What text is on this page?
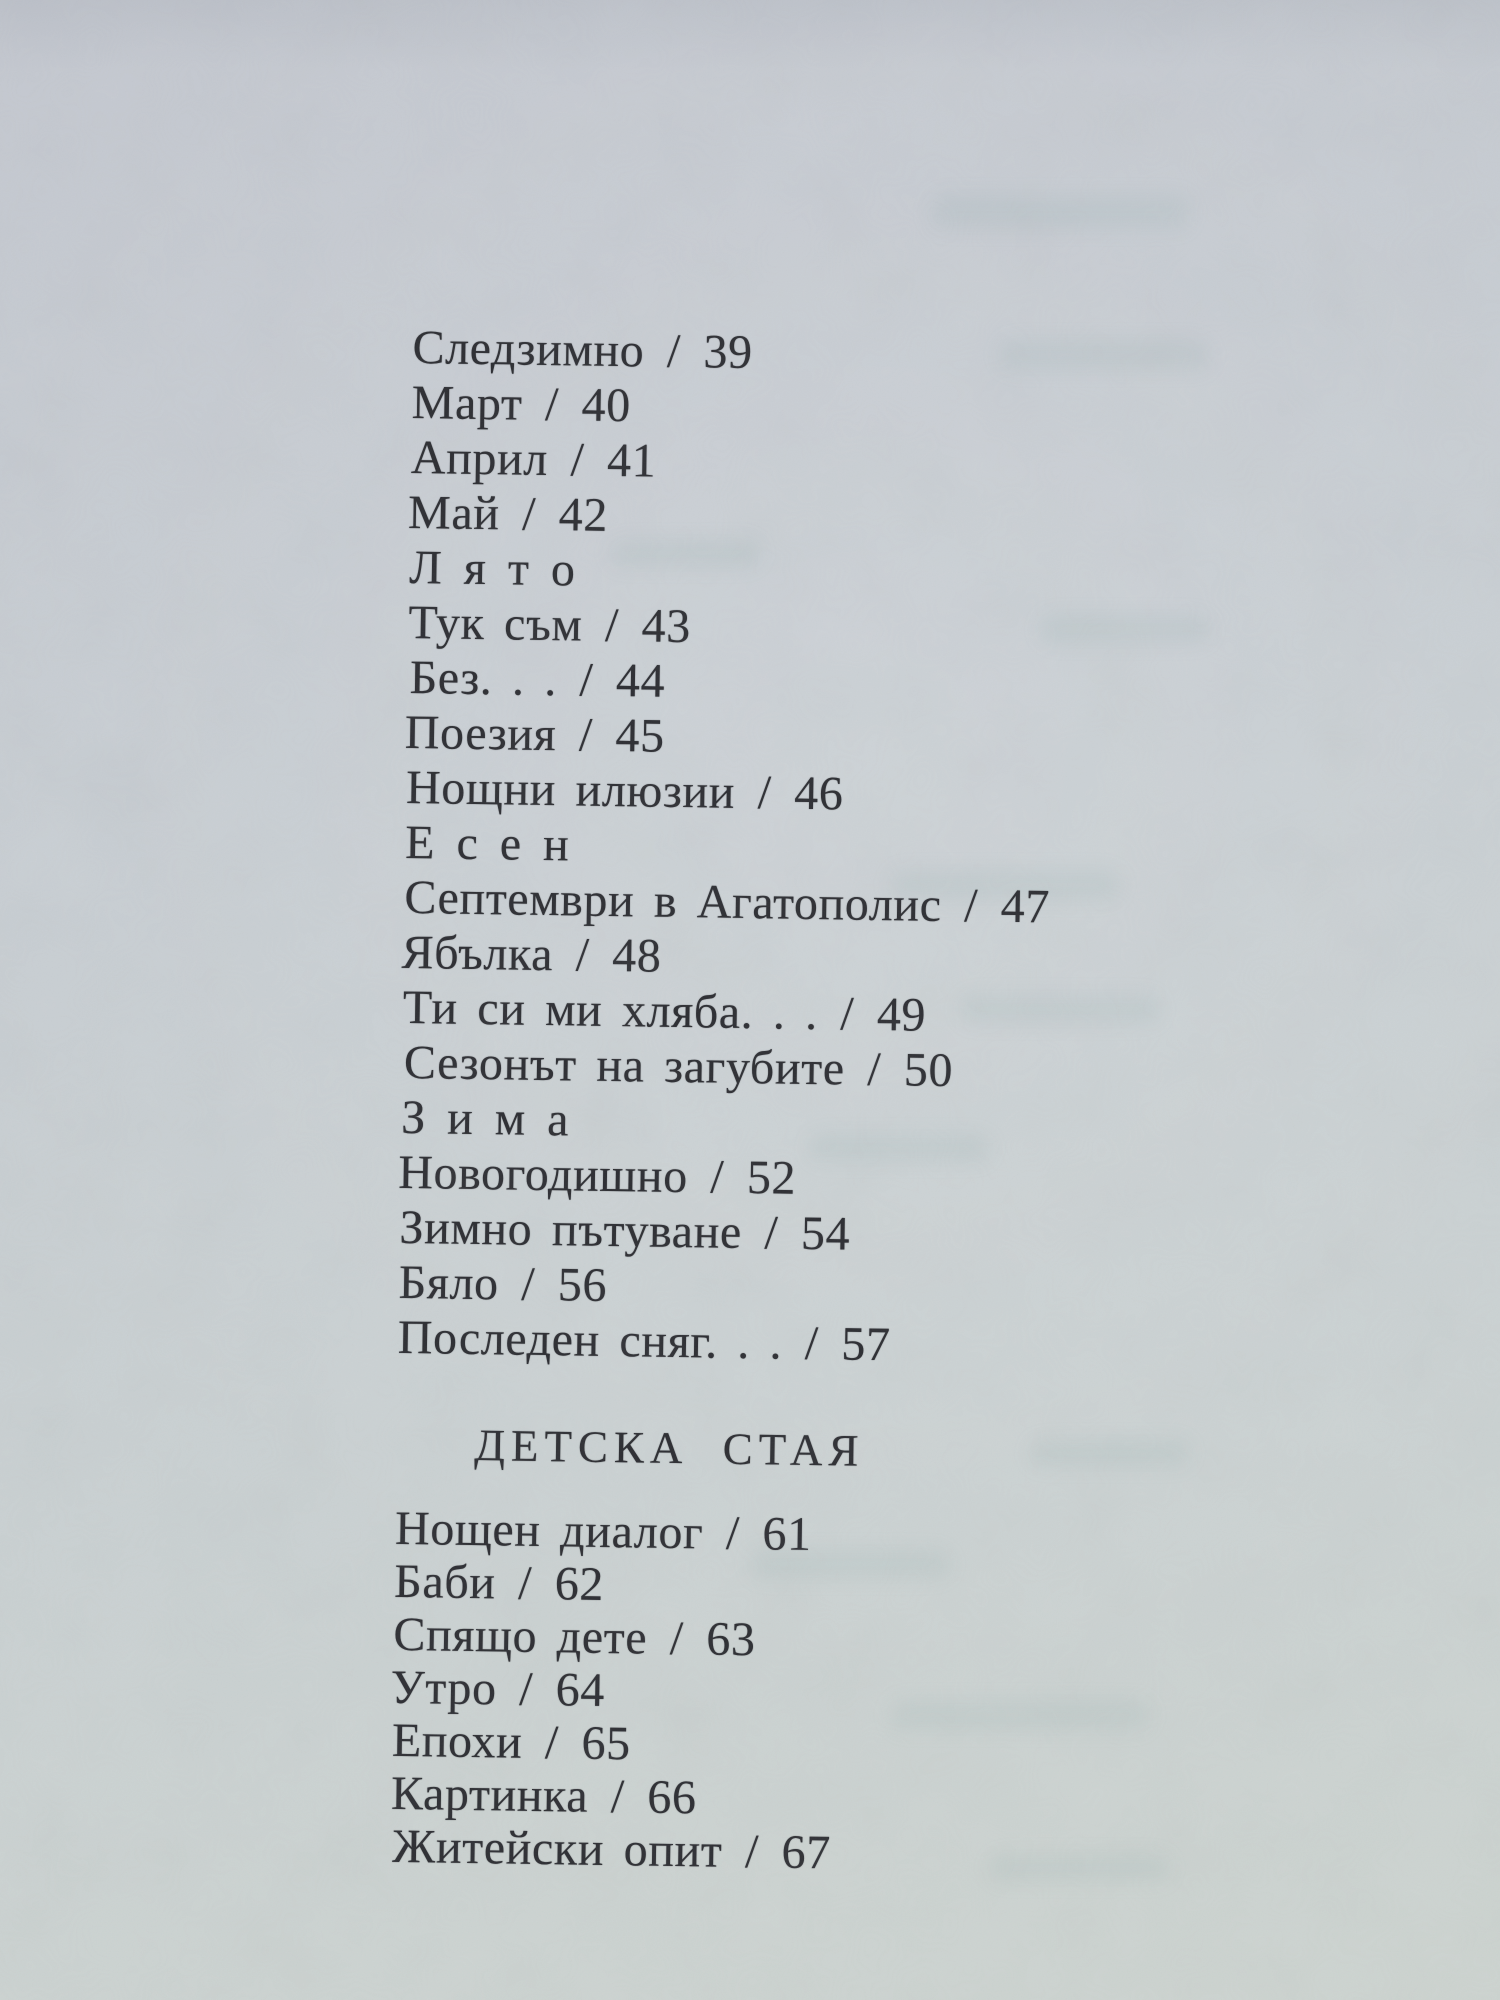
Следзимно / 39
Март / 40
Април / 41
Май / 42
Л я т о
Тук съм / 43
Без. . . / 44
Поезия / 45
Нощни илюзии / 46
Е с е н
Септември в Агатополис / 47
Ябълка / 48
Ти си ми хляба. . . / 49
Сезонът на загубите / 50
З и м а
Новогодишно / 52
Зимно пътуване / 54
Бяло / 56
Последен сняг. . . / 57
ДЕТСКА СТАЯ
Нощен диалог / 61
Баби / 62
Спящо дете / 63
Утро / 64
Епохи / 65
Картинка / 66
Житейски опит / 67
